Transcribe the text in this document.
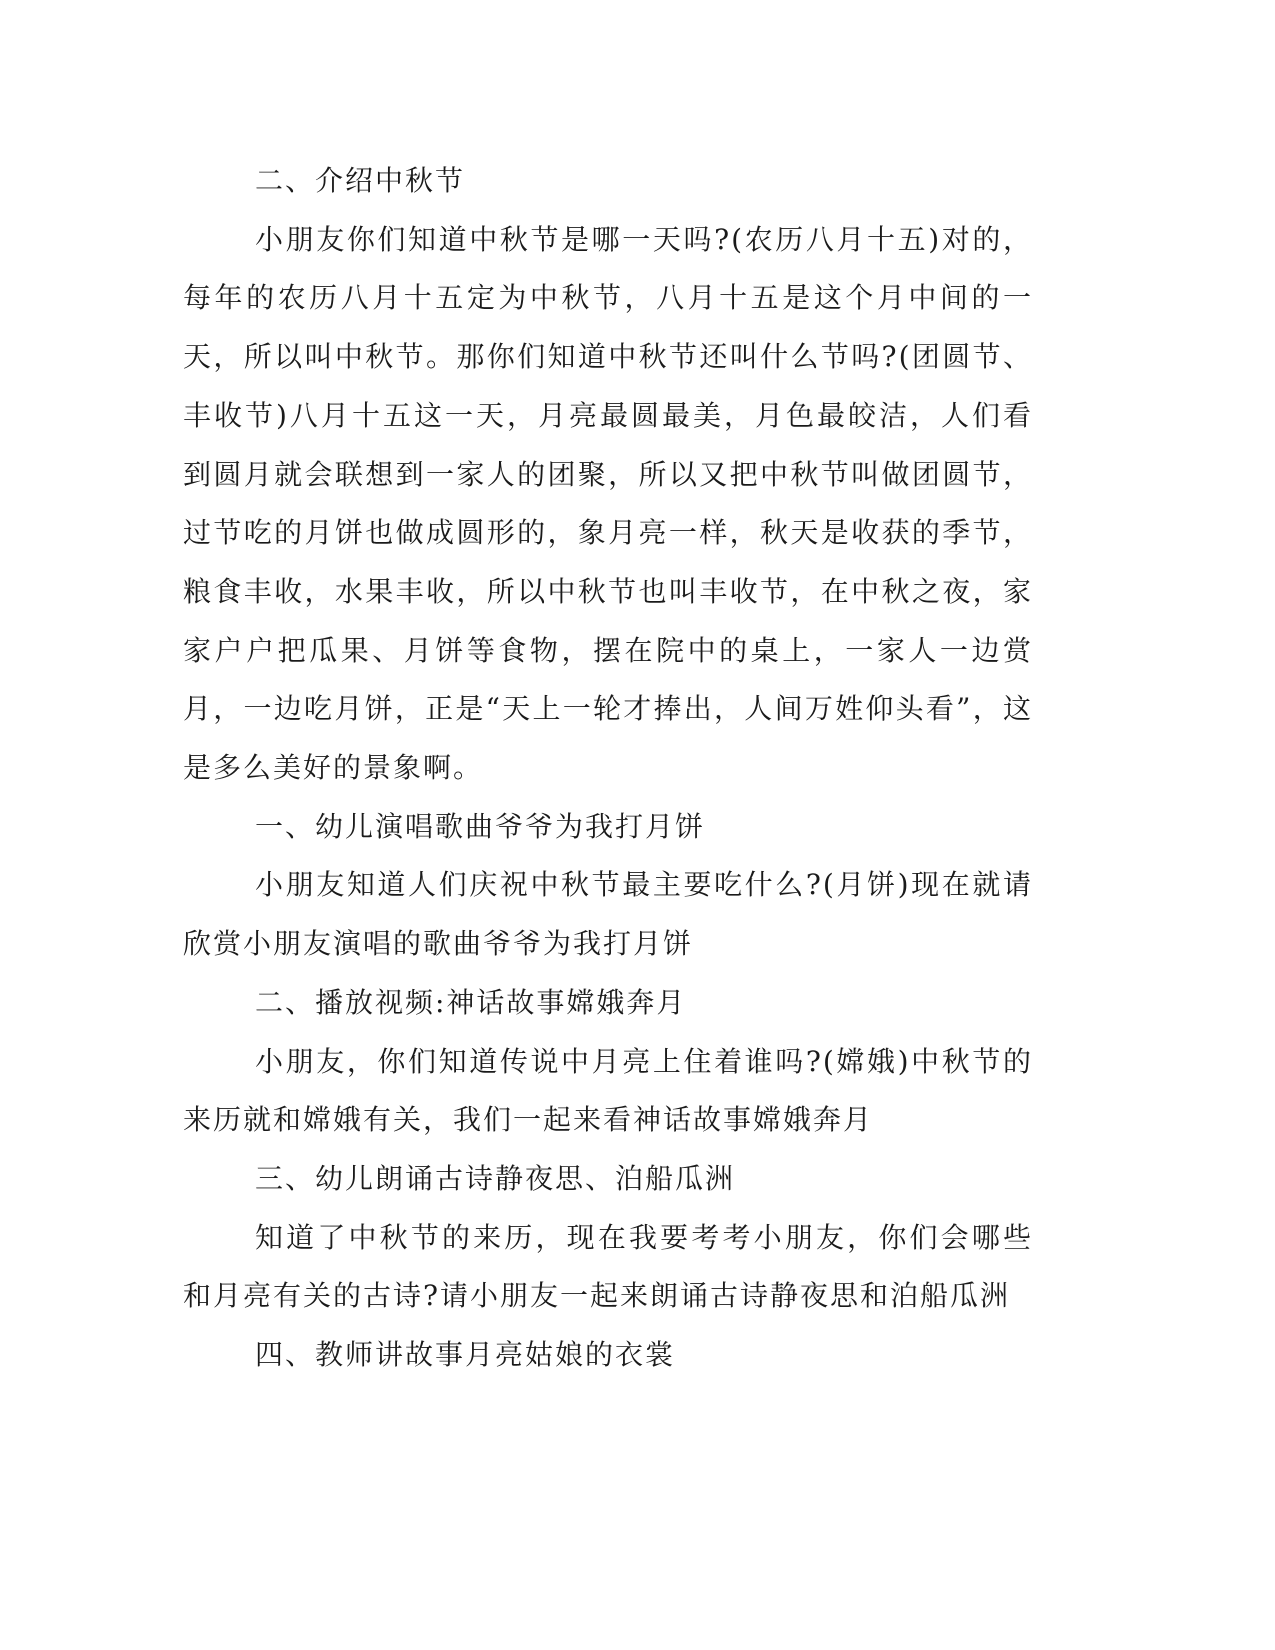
二、介绍中秋节

小朋友你们知道中秋节是哪一天吗?(农历八月十五)对的，每年的农历八月十五定为中秋节，八月十五是这个月中间的一天，所以叫中秋节。那你们知道中秋节还叫什么节吗?(团圆节、丰收节)八月十五这一天，月亮最圆最美，月色最皎洁，人们看到圆月就会联想到一家人的团聚，所以又把中秋节叫做团圆节，过节吃的月饼也做成圆形的，象月亮一样，秋天是收获的季节，粮食丰收，水果丰收，所以中秋节也叫丰收节，在中秋之夜，家家户户把瓜果、月饼等食物，摆在院中的桌上，一家人一边赏月，一边吃月饼，正是“天上一轮才捧出，人间万姓仰头看”，这是多么美好的景象啊。

一、幼儿演唱歌曲爷爷为我打月饼

小朋友知道人们庆祝中秋节最主要吃什么?(月饼)现在就请欣赏小朋友演唱的歌曲爷爷为我打月饼

二、播放视频:神话故事嫦娥奔月

小朋友，你们知道传说中月亮上住着谁吗?(嫦娥)中秋节的来历就和嫦娥有关，我们一起来看神话故事嫦娥奔月

三、幼儿朗诵古诗静夜思、泊船瓜洲

知道了中秋节的来历，现在我要考考小朋友，你们会哪些和月亮有关的古诗?请小朋友一起来朗诵古诗静夜思和泊船瓜洲

四、教师讲故事月亮姑娘的衣裳
